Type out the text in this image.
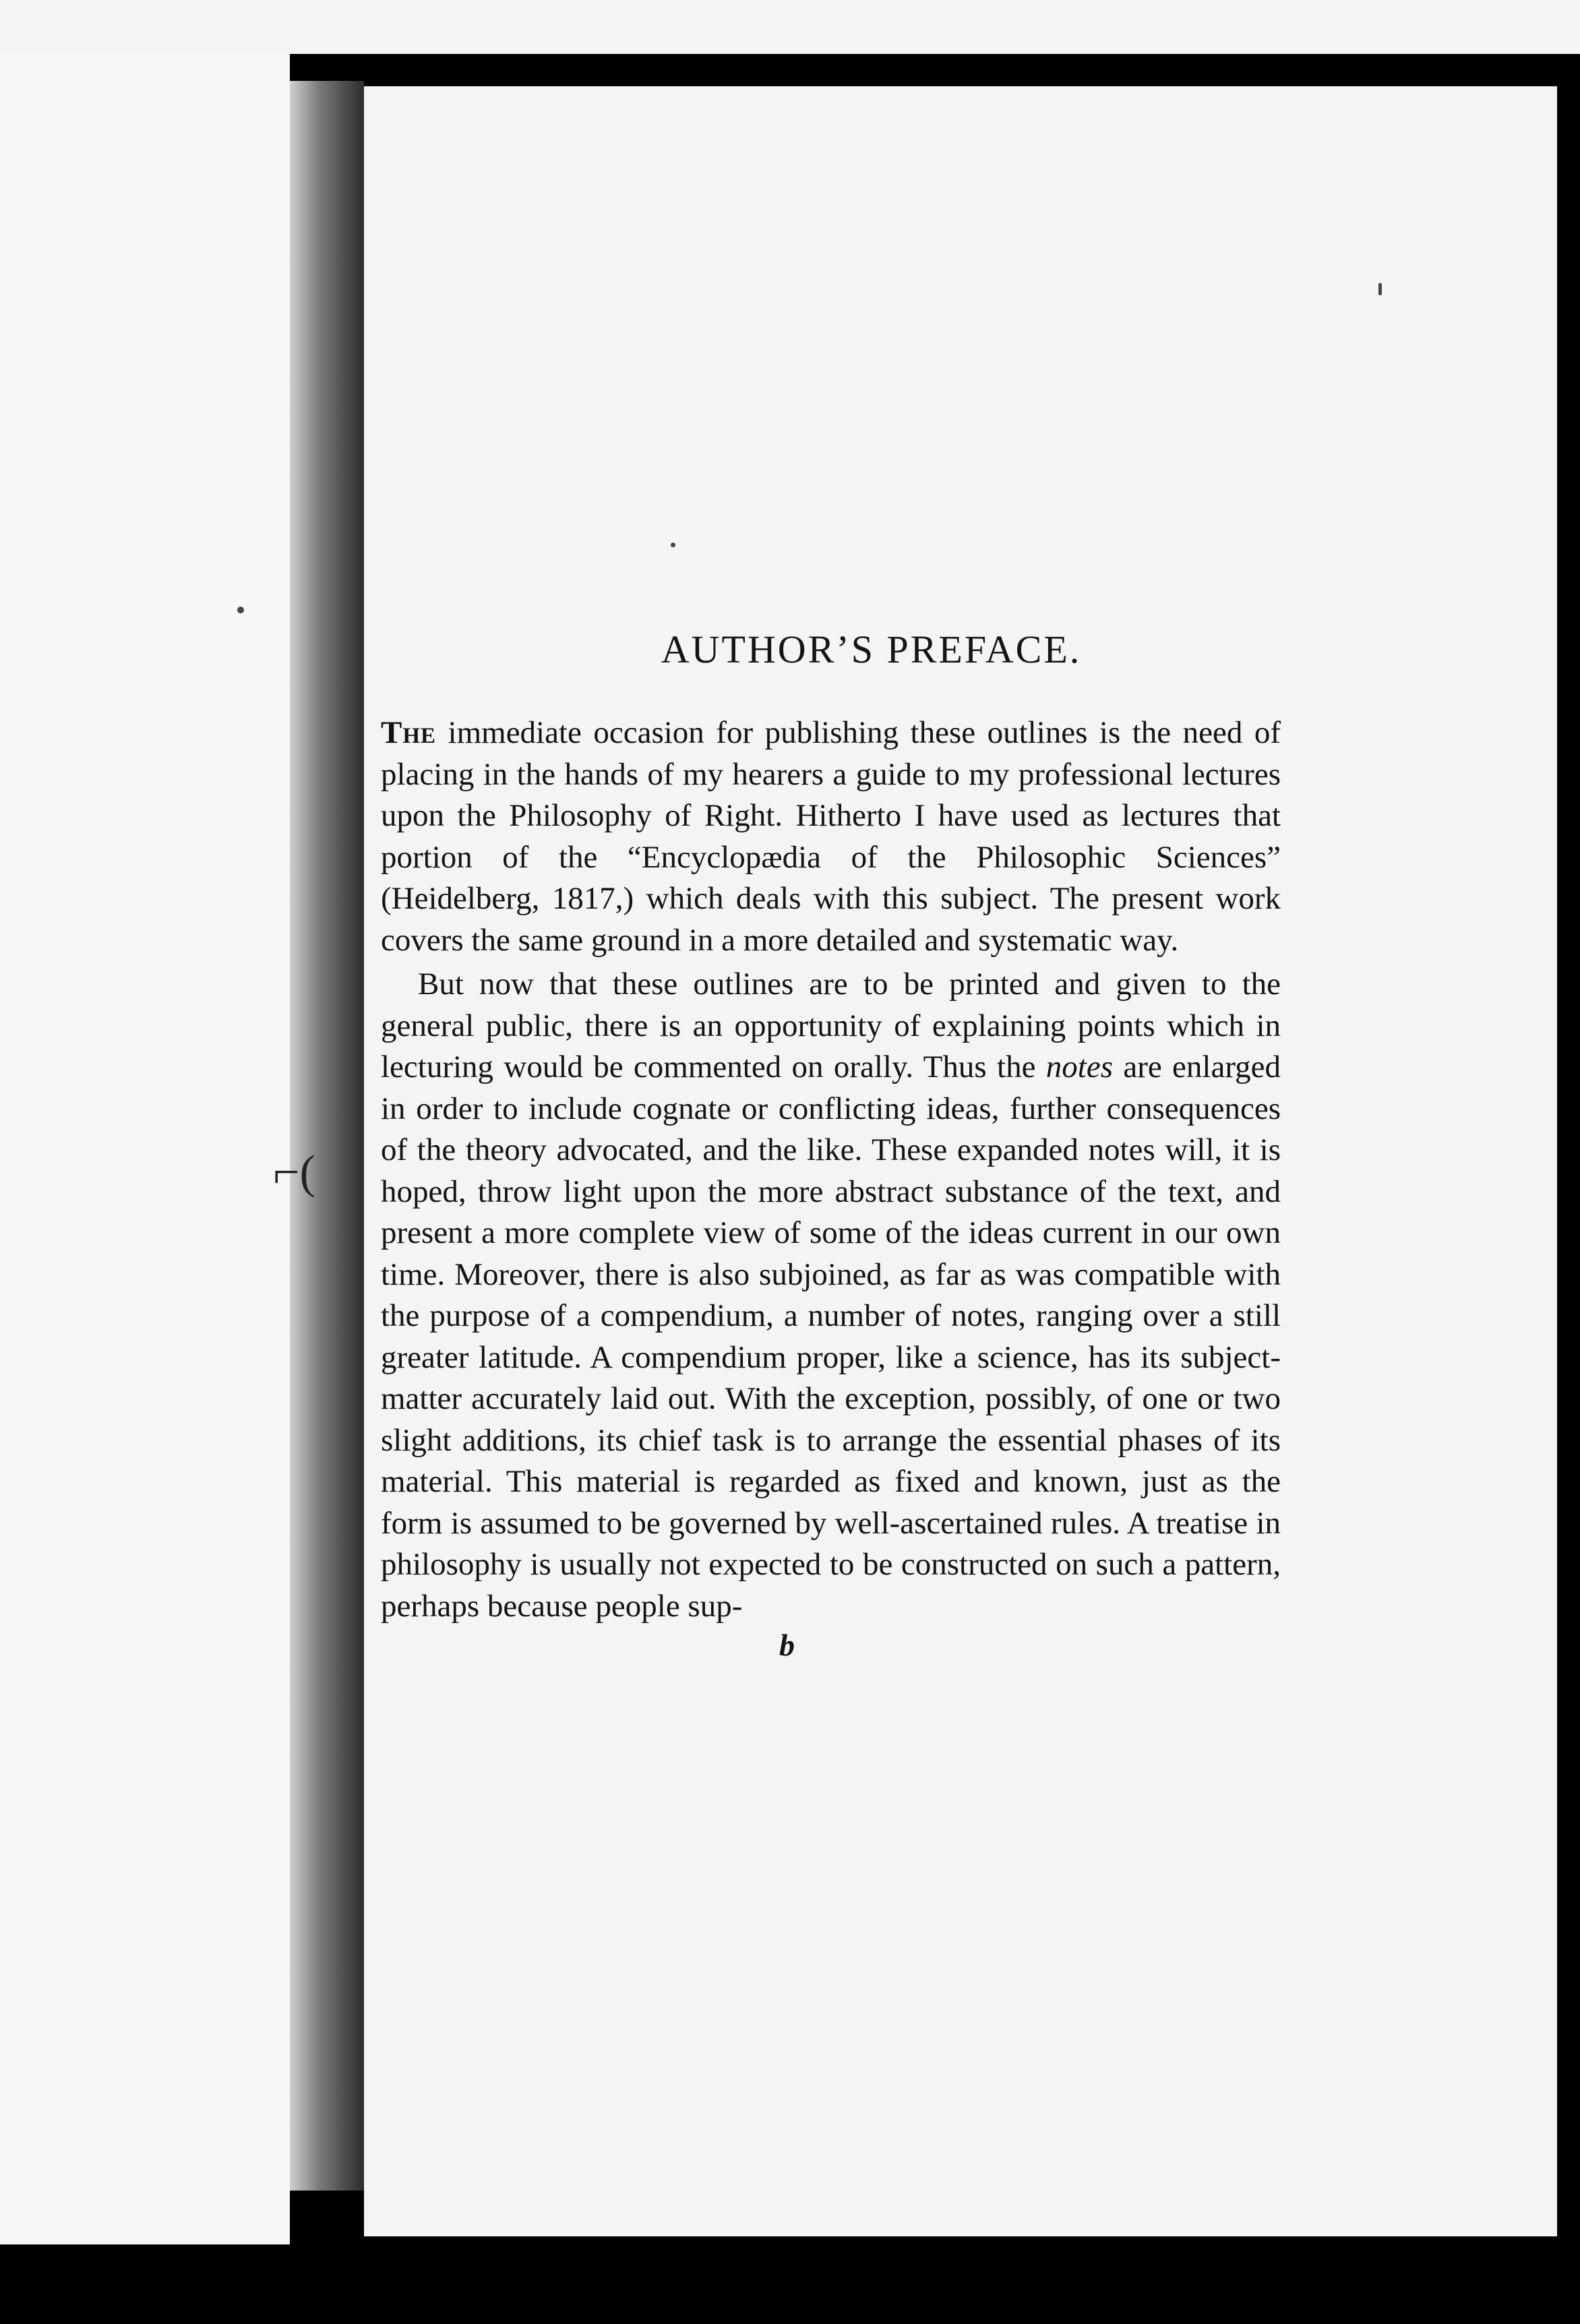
⌐(
AUTHOR’S PREFACE.

The immediate occasion for publishing these outlines is the need of placing in the hands of my hearers a guide to my professional lectures upon the Philosophy of Right. Hitherto I have used as lectures that portion of the “Encyclopædia of the Philosophic Sciences” (Heidelberg, 1817,) which deals with this subject. The present work covers the same ground in a more detailed and systematic way.

But now that these outlines are to be printed and given to the general public, there is an opportunity of explaining points which in lecturing would be commented on orally. Thus the notes are enlarged in order to include cognate or conflicting ideas, further consequences of the theory advocated, and the like. These expanded notes will, it is hoped, throw light upon the more abstract substance of the text, and present a more complete view of some of the ideas current in our own time. Moreover, there is also subjoined, as far as was compatible with the purpose of a compendium, a number of notes, ranging over a still greater latitude. A compendium proper, like a science, has its subject-matter accurately laid out. With the exception, possibly, of one or two slight additions, its chief task is to arrange the essential phases of its material. This material is regarded as fixed and known, just as the form is assumed to be governed by well-ascertained rules. A treatise in philosophy is usually not expected to be constructed on such a pattern, perhaps because people sup-

b
